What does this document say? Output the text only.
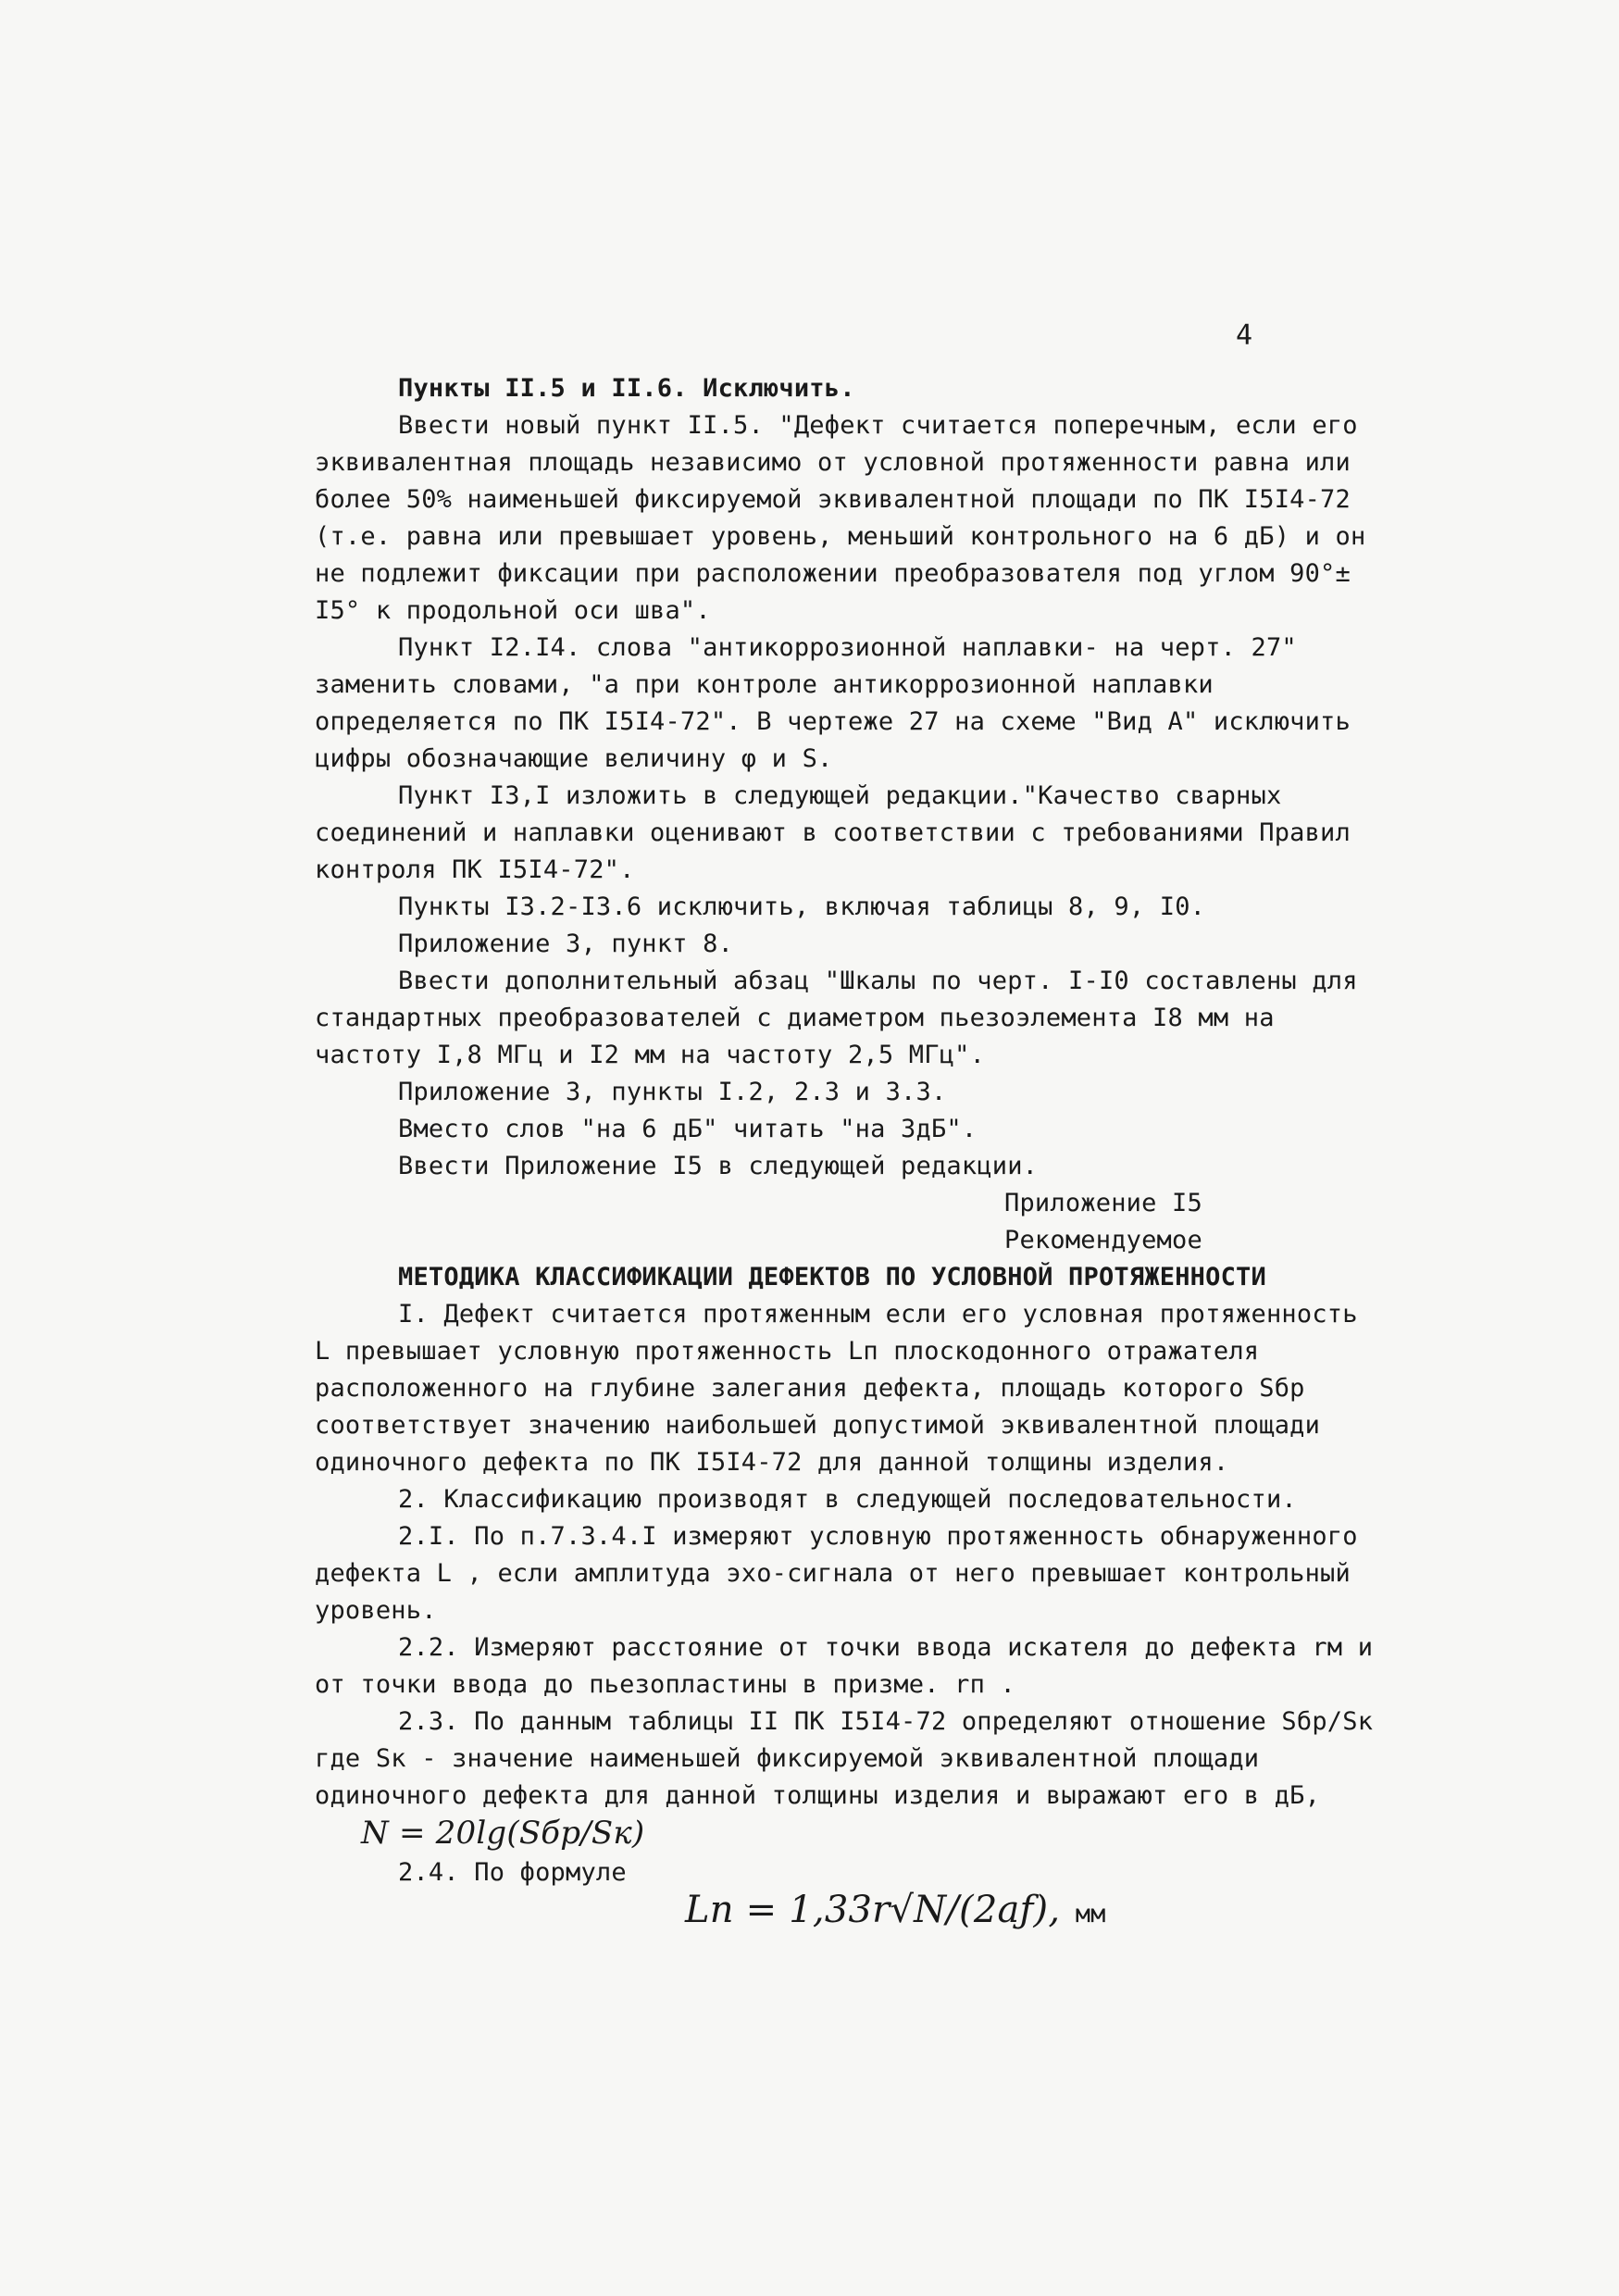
4

Пункты II.5 и II.6. Исключить.

Ввести новый пункт II.5. "Дефект считается поперечным, если его эквивалентная площадь независимо от условной протяженности равна или более 50% наименьшей фиксируемой эквивалентной площади по ПК I5I4-72 (т.е. равна или превышает уровень, меньший контрольного на 6 дБ) и он не подлежит фиксации при расположении преобразователя под углом 90°± I5° к продольной оси шва".

Пункт I2.I4. слова "антикоррозионной наплавки- на черт. 27" заменить словами, "а при контроле антикоррозионной наплавки определяется по ПК I5I4-72". В чертеже 27 на схеме "Вид А" исключить цифры обозначающие величину φ и S.

Пункт I3,I изложить в следующей редакции."Качество сварных соединений и наплавки оценивают в соответствии с требованиями Правил контроля ПК I5I4-72".

Пункты I3.2-I3.6 исключить, включая таблицы 8, 9, I0.

Приложение 3, пункт 8.

Ввести дополнительный абзац "Шкалы по черт. I-I0 составлены для стандартных преобразователей с диаметром пьезоэлемента I8 мм на частоту I,8 МГц и I2 мм на частоту 2,5 МГц".

Приложение 3, пункты I.2, 2.3 и 3.3.

Вместо слов "на 6 дБ" читать "на 3дБ".

Ввести Приложение I5 в следующей редакции.

Приложение I5

Рекомендуемое

МЕТОДИКА КЛАССИФИКАЦИИ ДЕФЕКТОВ ПО УСЛОВНОЙ ПРОТЯЖЕННОСТИ

I. Дефект считается протяженным если его условная протяженность L превышает условную протяженность Lп плоскодонного отражателя расположенного на глубине залегания дефекта, площадь которого Sбр соответствует значению наибольшей допустимой эквивалентной площади одиночного дефекта по ПК I5I4-72 для данной толщины изделия.

2. Классификацию производят в следующей последовательности.

2.I. По п.7.3.4.I измеряют условную протяженность обнаруженного дефекта L , если амплитуда эхо-сигнала от него превышает контрольный уровень.

2.2. Измеряют расстояние от точки ввода искателя до дефекта rм и от точки ввода до пьезопластины в призме. rп .

2.3. По данным таблицы II ПК I5I4-72 определяют отношение Sбр/Sк где Sк - значение наименьшей фиксируемой эквивалентной площади одиночного дефекта для данной толщины изделия и выражают его в дБ,

N = 20lg(Sбр/Sк)

2.4. По формуле

Lп = 1,33r√N/(2aƒ), мм
